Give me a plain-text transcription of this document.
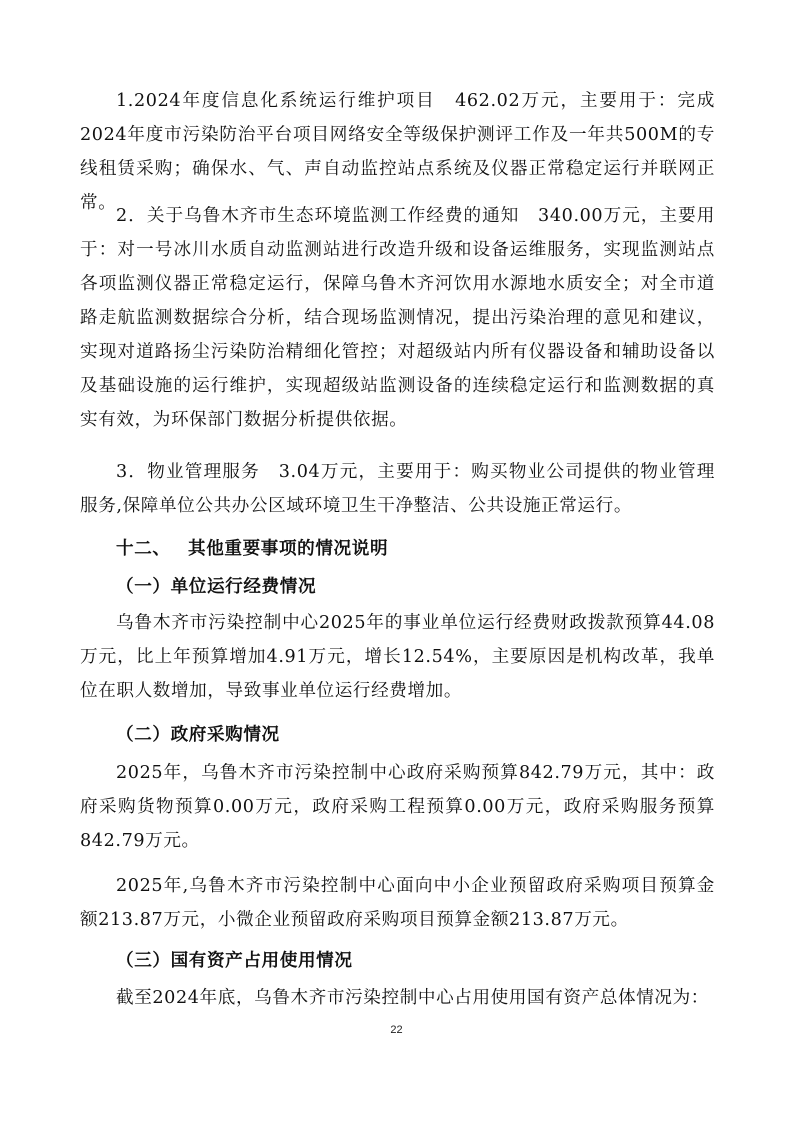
1.2024年度信息化系统运行维护项目　462.02万元，主要用于：完成2024年度市污染防治平台项目网络安全等级保护测评工作及一年共500M的专线租赁采购；确保水、气、声自动监控站点系统及仪器正常稳定运行并联网正常。

2．关于乌鲁木齐市生态环境监测工作经费的通知　340.00万元，主要用于：对一号冰川水质自动监测站进行改造升级和设备运维服务，实现监测站点各项监测仪器正常稳定运行，保障乌鲁木齐河饮用水源地水质安全；对全市道路走航监测数据综合分析，结合现场监测情况，提出污染治理的意见和建议，实现对道路扬尘污染防治精细化管控；对超级站内所有仪器设备和辅助设备以及基础设施的运行维护，实现超级站监测设备的连续稳定运行和监测数据的真实有效，为环保部门数据分析提供依据。

3．物业管理服务　3.04万元，主要用于：购买物业公司提供的物业管理服务,保障单位公共办公区域环境卫生干净整洁、公共设施正常运行。

十二、 其他重要事项的情况说明
（一）单位运行经费情况

乌鲁木齐市污染控制中心2025年的事业单位运行经费财政拨款预算44.08万元，比上年预算增加4.91万元，增长12.54%，主要原因是机构改革，我单位在职人数增加，导致事业单位运行经费增加。

（二）政府采购情况

2025年，乌鲁木齐市污染控制中心政府采购预算842.79万元，其中：政府采购货物预算0.00万元，政府采购工程预算0.00万元，政府采购服务预算842.79万元。

2025年,乌鲁木齐市污染控制中心面向中小企业预留政府采购项目预算金额213.87万元，小微企业预留政府采购项目预算金额213.87万元。

（三）国有资产占用使用情况

截至2024年底，乌鲁木齐市污染控制中心占用使用国有资产总体情况为：

22
